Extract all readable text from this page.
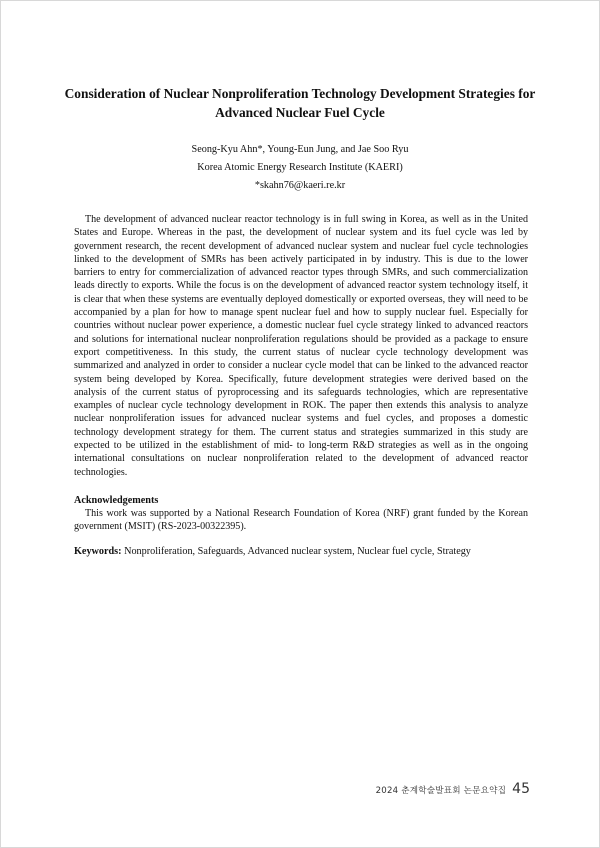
Consideration of Nuclear Nonproliferation Technology Development Strategies for Advanced Nuclear Fuel Cycle
Seong-Kyu Ahn*, Young-Eun Jung, and Jae Soo Ryu
Korea Atomic Energy Research Institute (KAERI)
*skahn76@kaeri.re.kr

The development of advanced nuclear reactor technology is in full swing in Korea, as well as in the United States and Europe. Whereas in the past, the development of nuclear system and its fuel cycle was led by government research, the recent development of advanced nuclear system and nuclear fuel cycle technologies linked to the development of SMRs has been actively participated in by industry. This is due to the lower barriers to entry for commercialization of advanced reactor types through SMRs, and such commercialization leads directly to exports. While the focus is on the development of advanced reactor system technology itself, it is clear that when these systems are eventually deployed domestically or exported overseas, they will need to be accompanied by a plan for how to manage spent nuclear fuel and how to supply nuclear fuel. Especially for countries without nuclear power experience, a domestic nuclear fuel cycle strategy linked to advanced reactors and solutions for international nuclear nonproliferation regulations should be provided as a package to ensure export competitiveness. In this study, the current status of nuclear cycle technology development was summarized and analyzed in order to consider a nuclear cycle model that can be linked to the advanced reactor system being developed by Korea. Specifically, future development strategies were derived based on the analysis of the current status of pyroprocessing and its safeguards technologies, which are representative examples of nuclear cycle technology development in ROK. The paper then extends this analysis to analyze nuclear nonproliferation issues for advanced nuclear systems and fuel cycles, and proposes a domestic technology development strategy for them. The current status and strategies summarized in this study are expected to be utilized in the establishment of mid- to long-term R&D strategies as well as in the ongoing international consultations on nuclear nonproliferation related to the development of advanced reactor technologies.

Acknowledgements

This work was supported by a National Research Foundation of Korea (NRF) grant funded by the Korean government (MSIT) (RS-2023-00322395).

Keywords: Nonproliferation, Safeguards, Advanced nuclear system, Nuclear fuel cycle, Strategy
2024 춘계학술발표회 논문요약집 45
